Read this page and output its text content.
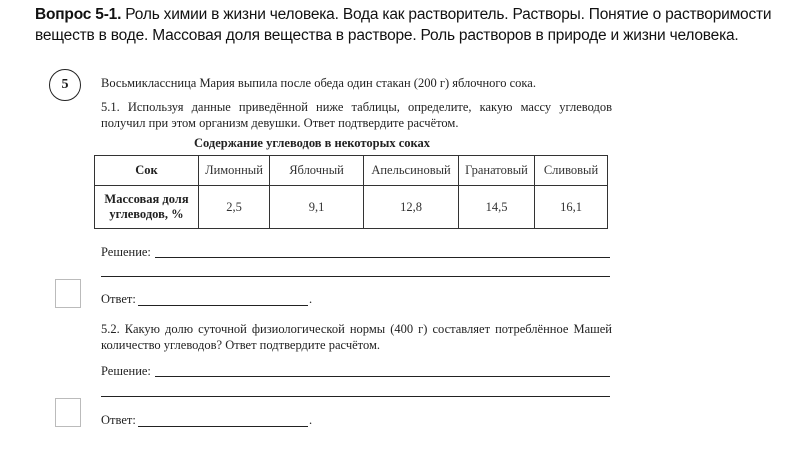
Вопрос 5-1. Роль химии в жизни человека. Вода как растворитель. Растворы. Понятие о растворимости веществ в воде. Массовая доля вещества в растворе. Роль растворов в природе и жизни человека.
5	Восьмиклассница Мария выпила после обеда один стакан (200 г) яблочного сока.
5.1. Используя данные приведённой ниже таблицы, определите, какую массу углеводов
получил при этом организм девушки. Ответ подтвердите расчётом.
Содержание углеводов в некоторых соках
Сок	Лимонный	Яблочный	Апельсиновый	Гранатовый	Сливовый
Массовая доля
углеводов, %	2,5	9,1	12,8	14,5	16,1
Решение:
Ответ:	.
5.2. Какую долю суточной физиологической нормы (400 г) составляет потреблённое Машей
количество углеводов? Ответ подтвердите расчётом.
Решение:
Ответ:	.
